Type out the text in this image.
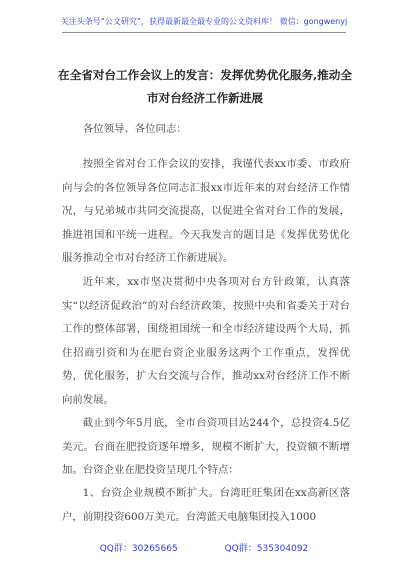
关注头条号“公文研究”，获得最新最全最专业的公文资料库！ 微信：gongwenyj
在全省对台工作会议上的发言：发挥优势优化服务,推动全
市对台经济工作新进展

各位领导、各位同志：

按照全省对台工作会议的安排，我谨代表xx市委、市政府向与会的各位领导各位同志汇报xx市近年来的对台经济工作情况，与兄弟城市共同交流提高，以促进全省对台工作的发展，推进祖国和平统一进程。今天我发言的题目是《发挥优势优化服务推动全市对台经济工作新进展》。

近年来，xx市坚决贯彻中央各项对台方针政策，认真落实“以经济促政治”的对台经济政策，按照中央和省委关于对台工作的整体部署，围绕祖国统一和全市经济建设两个大局，抓住招商引资和为在肥台资企业服务这两个工作重点，发挥优势，优化服务，扩大台交流与合作，推动xx对台经济工作不断向前发展。

截止到今年5月底，全市台资项目达244个，总投资4.5亿美元。台商在肥投资逐年增多，规模不断扩大，投资额不断增加。台资企业在肥投资呈现几个特点：

1、台资企业规模不断扩大。台湾旺旺集团在xx高新区落户，前期投资600万美元。台湾蓝天电脑集团投入1000

QQ群：30265665	QQ群：535304092
